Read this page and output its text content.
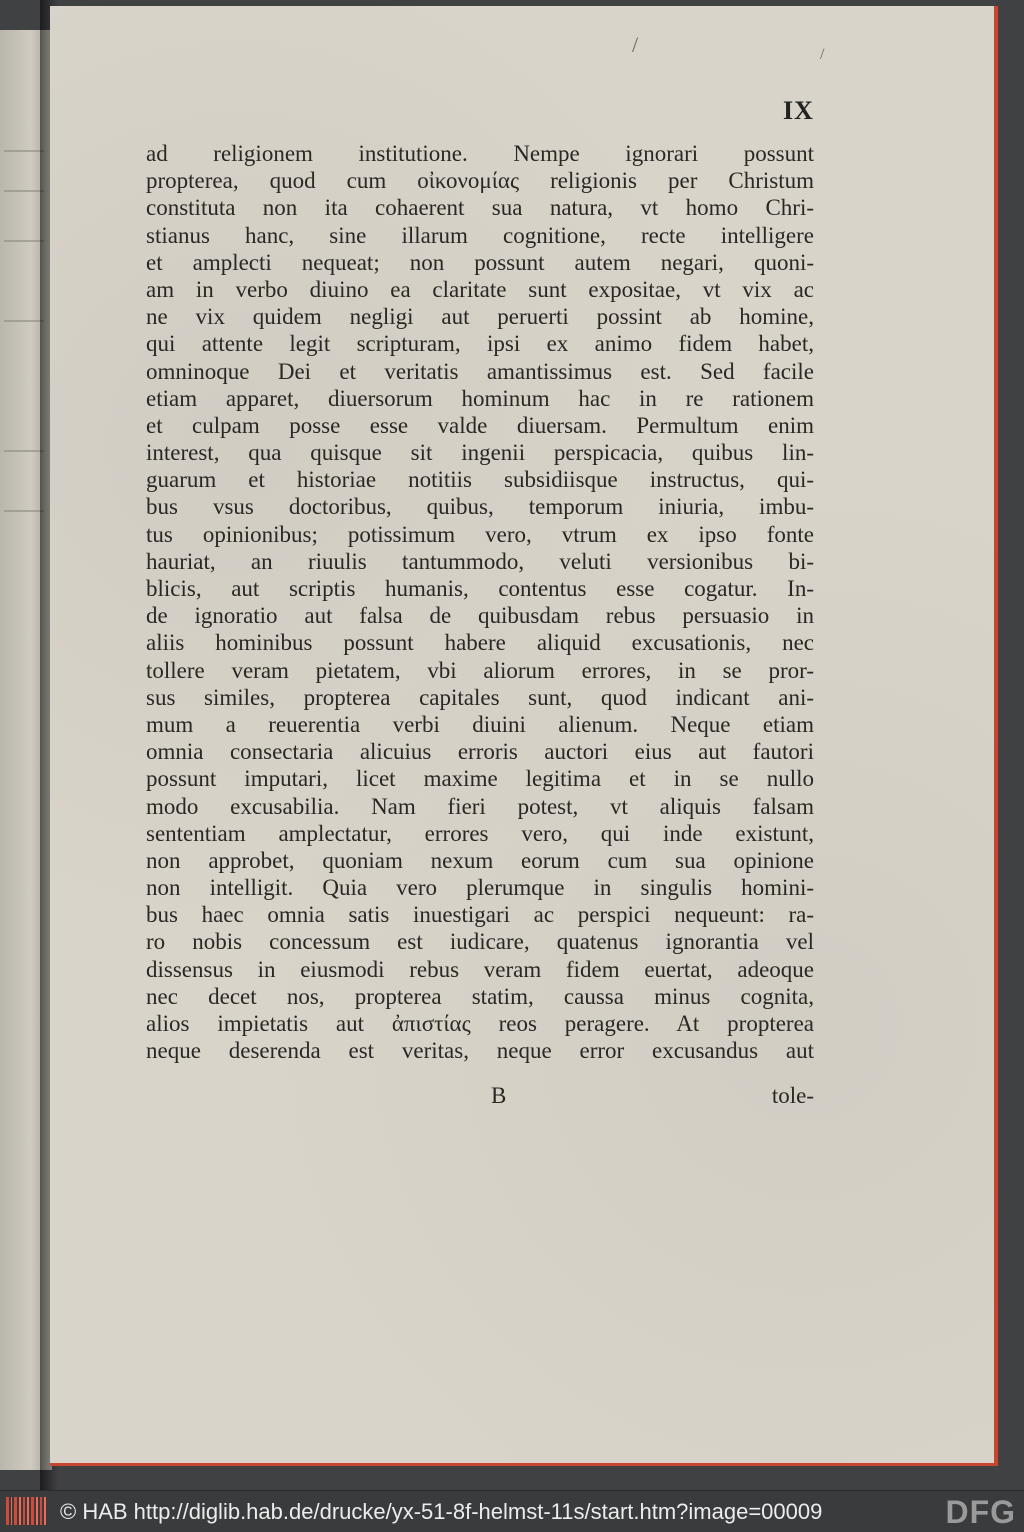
/	/
IX
ad religionem institutione. Nempe ignorari possunt
propterea, quod cum οἰκονομίας religionis per Christum
constituta non ita cohaerent sua natura, vt homo Chri-
stianus hanc, sine illarum cognitione, recte intelligere
et amplecti nequeat; non possunt autem negari, quoni-
am in verbo diuino ea claritate sunt expositae, vt vix ac
ne vix quidem negligi aut peruerti possint ab homine,
qui attente legit scripturam, ipsi ex animo fidem habet,
omninoque Dei et veritatis amantissimus est. Sed facile
etiam apparet, diuersorum hominum hac in re rationem
et culpam posse esse valde diuersam. Permultum enim
interest, qua quisque sit ingenii perspicacia, quibus lin-
guarum et historiae notitiis subsidiisque instructus, qui-
bus vsus doctoribus, quibus, temporum iniuria, imbu-
tus opinionibus; potissimum vero, vtrum ex ipso fonte
hauriat, an riuulis tantummodo, veluti versionibus bi-
blicis, aut scriptis humanis, contentus esse cogatur. In-
de ignoratio aut falsa de quibusdam rebus persuasio in
aliis hominibus possunt habere aliquid excusationis, nec
tollere veram pietatem, vbi aliorum errores, in se pror-
sus similes, propterea capitales sunt, quod indicant ani-
mum a reuerentia verbi diuini alienum. Neque etiam
omnia consectaria alicuius erroris auctori eius aut fautori
possunt imputari, licet maxime legitima et in se nullo
modo excusabilia. Nam fieri potest, vt aliquis falsam
sententiam amplectatur, errores vero, qui inde existunt,
non approbet, quoniam nexum eorum cum sua opinione
non intelligit. Quia vero plerumque in singulis homini-
bus haec omnia satis inuestigari ac perspici nequeunt: ra-
ro nobis concessum est iudicare, quatenus ignorantia vel
dissensus in eiusmodi rebus veram fidem euertat, adeoque
nec decet nos, propterea statim, caussa minus cognita,
alios impietatis aut ἀπιστίας reos peragere. At propterea
neque deserenda est veritas, neque error excusandus aut
B	tole-
© HAB http://diglib.hab.de/drucke/yx-51-8f-helmst-11s/start.htm?image=00009	DFG
